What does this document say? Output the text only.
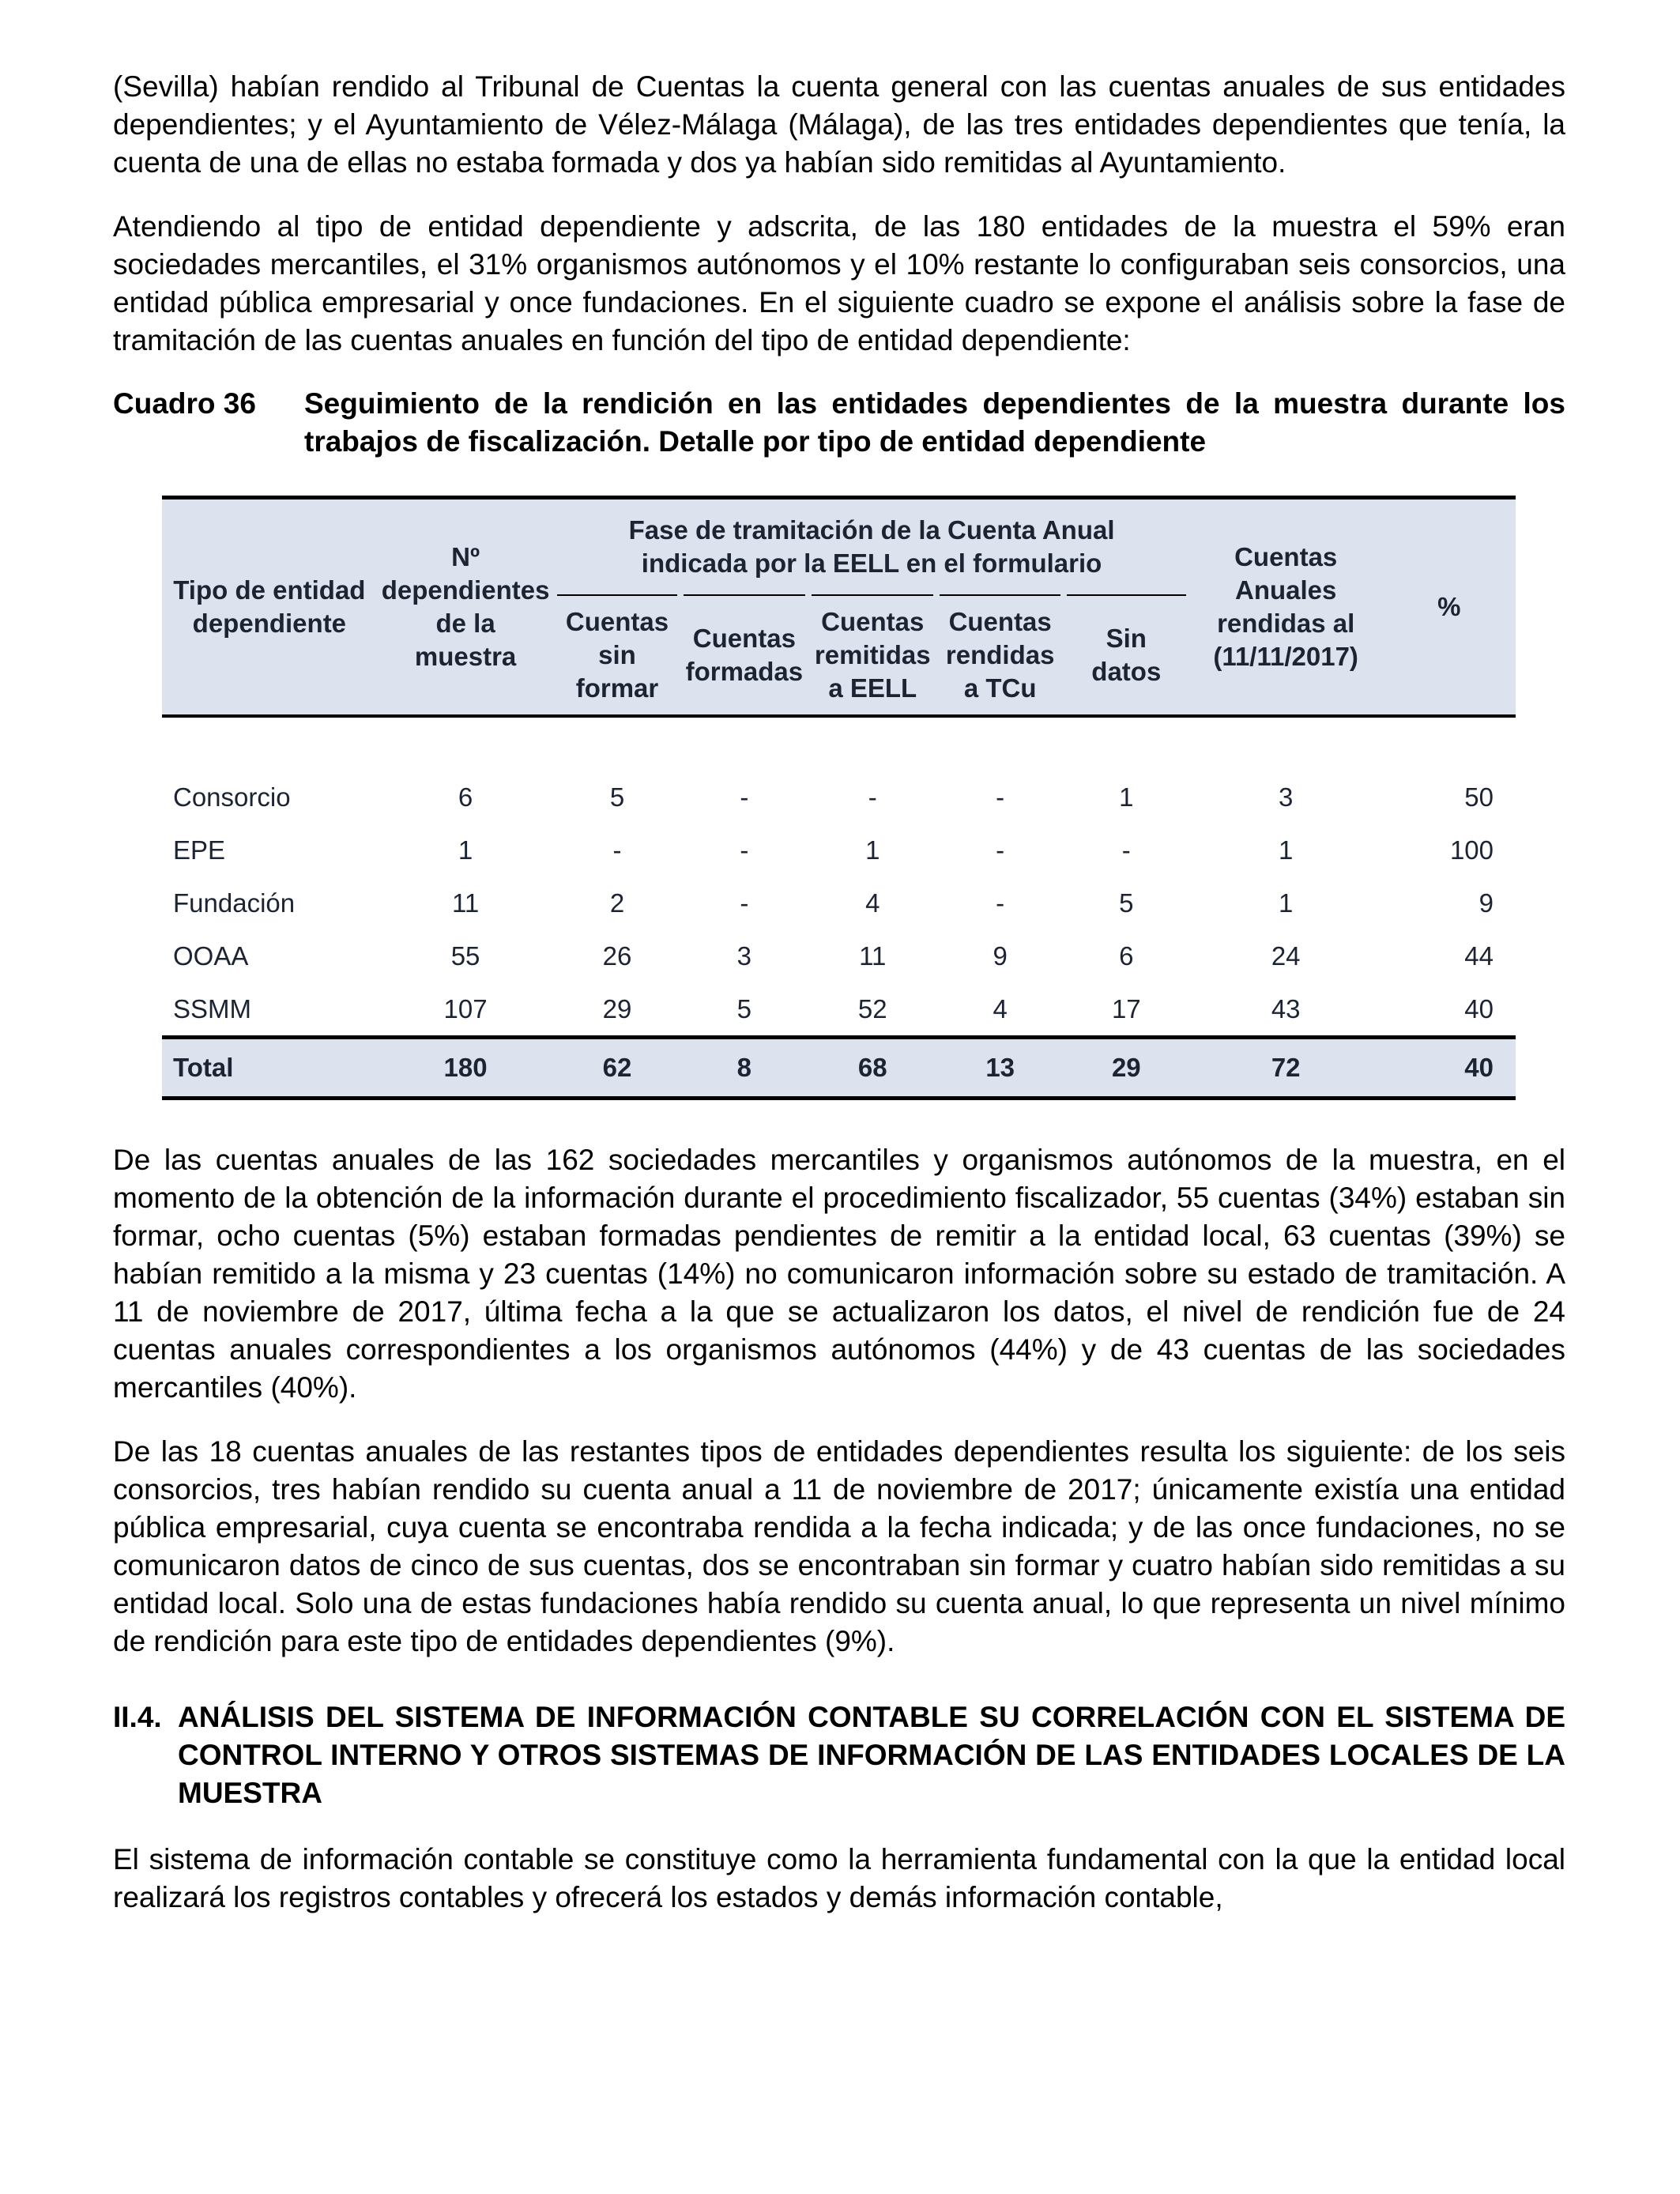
(Sevilla) habían rendido al Tribunal de Cuentas la cuenta general con las cuentas anuales de sus entidades dependientes; y el Ayuntamiento de Vélez-Málaga (Málaga), de las tres entidades dependientes que tenía, la cuenta de una de ellas no estaba formada y dos ya habían sido remitidas al Ayuntamiento.

Atendiendo al tipo de entidad dependiente y adscrita, de las 180 entidades de la muestra el 59% eran sociedades mercantiles, el 31% organismos autónomos y el 10% restante lo configuraban seis consorcios, una entidad pública empresarial y once fundaciones. En el siguiente cuadro se expone el análisis sobre la fase de tramitación de las cuentas anuales en función del tipo de entidad dependiente:

Cuadro 36	Seguimiento de la rendición en las entidades dependientes de la muestra durante los trabajos de fiscalización. Detalle por tipo de entidad dependiente
Tipo de entidad dependiente	Nº dependientes de la muestra	Fase de tramitación de la Cuenta Anual indicada por la EELL en el formulario					Cuentas Anuales rendidas al (11/11/2017)	%

Cuentas sin formar	Cuentas formadas	Cuentas remitidas a EELL	Cuentas rendidas a TCu	Sin datos		

Consorcio	6	5	-	-	-	1	3	50
EPE	1	-	-	1	-	-	1	100
Fundación	11	2	-	4	-	5	1	9
OOAA	55	26	3	11	9	6	24	44
SSMM	107	29	5	52	4	17	43	40
Total	180	62	8	68	13	29	72	40

De las cuentas anuales de las 162 sociedades mercantiles y organismos autónomos de la muestra, en el momento de la obtención de la información durante el procedimiento fiscalizador, 55 cuentas (34%) estaban sin formar, ocho cuentas (5%) estaban formadas pendientes de remitir a la entidad local, 63 cuentas (39%) se habían remitido a la misma y 23 cuentas (14%) no comunicaron información sobre su estado de tramitación. A 11 de noviembre de 2017, última fecha a la que se actualizaron los datos, el nivel de rendición fue de 24 cuentas anuales correspondientes a los organismos autónomos (44%) y de 43 cuentas de las sociedades mercantiles (40%).

De las 18 cuentas anuales de las restantes tipos de entidades dependientes resulta los siguiente: de los seis consorcios, tres habían rendido su cuenta anual a 11 de noviembre de 2017; únicamente existía una entidad pública empresarial, cuya cuenta se encontraba rendida a la fecha indicada; y de las once fundaciones, no se comunicaron datos de cinco de sus cuentas, dos se encontraban sin formar y cuatro habían sido remitidas a su entidad local. Solo una de estas fundaciones había rendido su cuenta anual, lo que representa un nivel mínimo de rendición para este tipo de entidades dependientes (9%).

II.4. ANÁLISIS DEL SISTEMA DE INFORMACIÓN CONTABLE SU CORRELACIÓN CON EL SISTEMA DE CONTROL INTERNO Y OTROS SISTEMAS DE INFORMACIÓN DE LAS ENTIDADES LOCALES DE LA MUESTRA

El sistema de información contable se constituye como la herramienta fundamental con la que la entidad local realizará los registros contables y ofrecerá los estados y demás información contable,
